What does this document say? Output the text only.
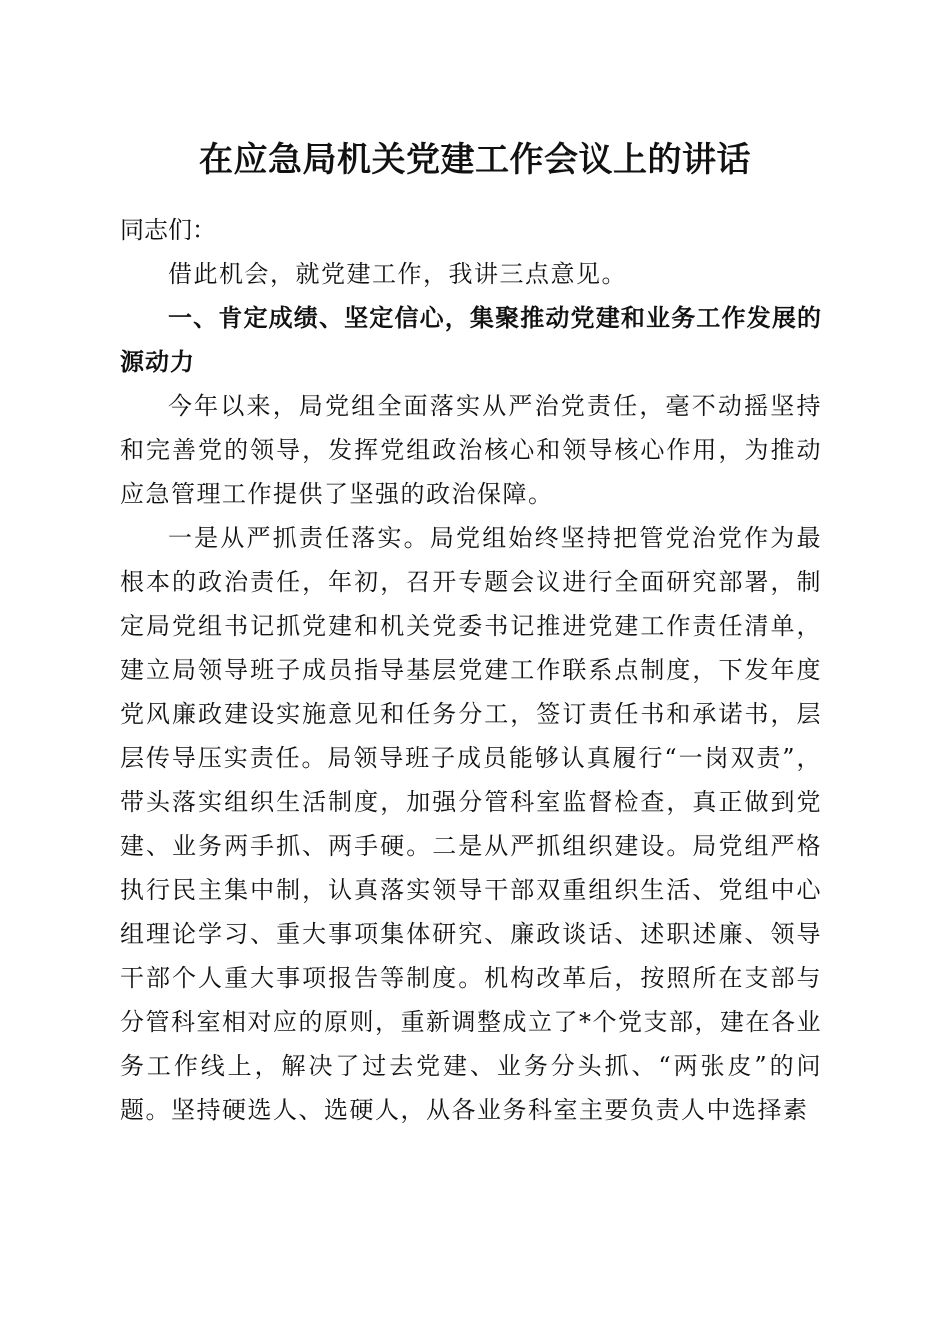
在应急局机关党建工作会议上的讲话

同志们：

借此机会，就党建工作，我讲三点意见。

一、肯定成绩、坚定信心，集聚推动党建和业务工作发展的源动力

今年以来，局党组全面落实从严治党责任，毫不动摇坚持和完善党的领导，发挥党组政治核心和领导核心作用，为推动应急管理工作提供了坚强的政治保障。

一是从严抓责任落实。局党组始终坚持把管党治党作为最根本的政治责任，年初，召开专题会议进行全面研究部署，制定局党组书记抓党建和机关党委书记推进党建工作责任清单，建立局领导班子成员指导基层党建工作联系点制度，下发年度党风廉政建设实施意见和任务分工，签订责任书和承诺书，层层传导压实责任。局领导班子成员能够认真履行“一岗双责”，带头落实组织生活制度，加强分管科室监督检查，真正做到党建、业务两手抓、两手硬。二是从严抓组织建设。局党组严格执行民主集中制，认真落实领导干部双重组织生活、党组中心组理论学习、重大事项集体研究、廉政谈话、述职述廉、领导干部个人重大事项报告等制度。机构改革后，按照所在支部与分管科室相对应的原则，重新调整成立了*个党支部，建在各业务工作线上，解决了过去党建、业务分头抓、“两张皮”的问题。坚持硬选人、选硬人，从各业务科室主要负责人中选择素
